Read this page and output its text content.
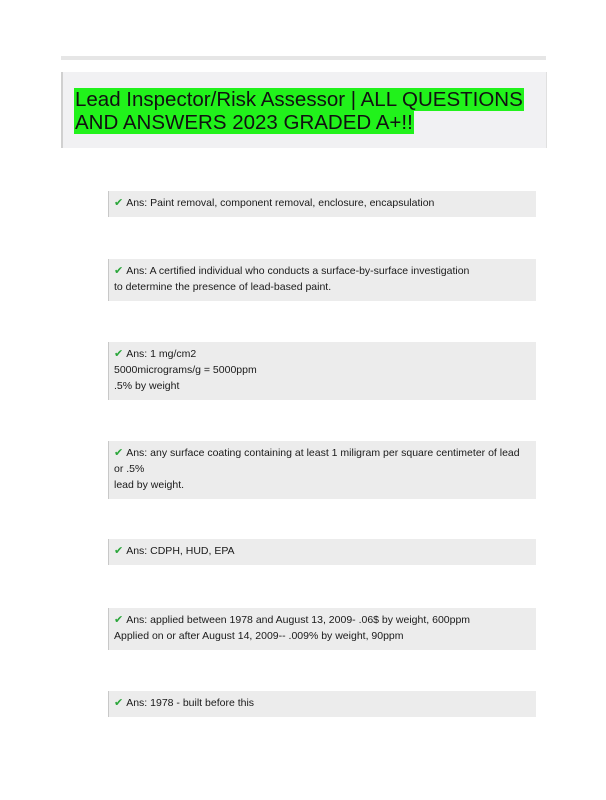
Lead Inspector/Risk Assessor | ALL QUESTIONS AND ANSWERS 2023 GRADED A+!!
✔ Ans: Paint removal, component removal, enclosure, encapsulation
✔ Ans: A certified individual who conducts a surface-by-surface investigation
to determine the presence of lead-based paint.
✔ Ans: 1 mg/cm2
5000micrograms/g = 5000ppm
.5% by weight
✔ Ans: any surface coating containing at least 1 miligram per square centimeter of lead
or .5%
lead by weight.
✔ Ans: CDPH, HUD, EPA
✔ Ans: applied between 1978 and August 13, 2009- .06$ by weight, 600ppm
Applied on or after August 14, 2009-- .009% by weight, 90ppm
✔ Ans: 1978 - built before this
